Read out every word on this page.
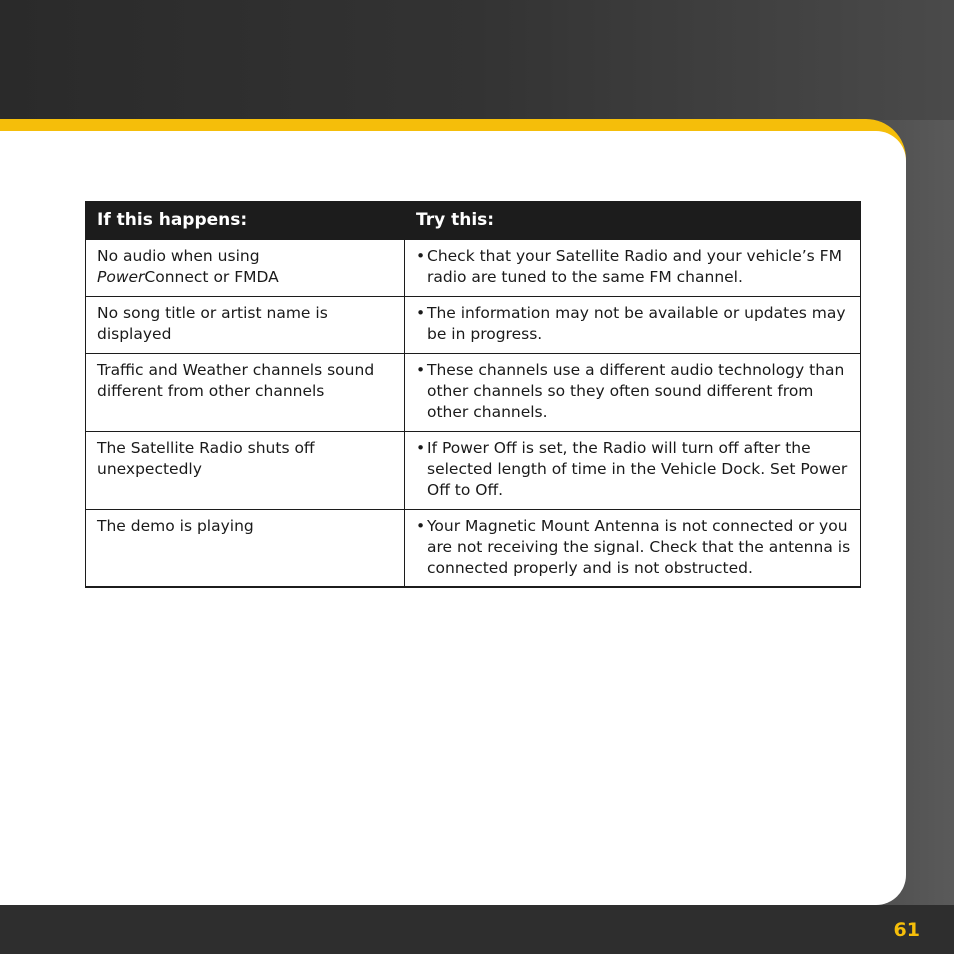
If this happens:	Try this:
No audio when using
PowerConnect or FMDA	• Check that your Satellite Radio and your vehicle’s FM radio are tuned to the same FM channel.

No song title or artist name is displayed	• The information may not be available or updates may be in progress.

Traffic and Weather channels sound different from other channels	• These channels use a different audio technology than other channels so they often sound different from other channels.

The Satellite Radio shuts off unexpectedly	• If Power Off is set, the Radio will turn off after the selected length of time in the Vehicle Dock. Set Power Off to Off.

The demo is playing	• Your Magnetic Mount Antenna is not connected or you are not receiving the signal. Check that the antenna is connected properly and is not obstructed.
61
